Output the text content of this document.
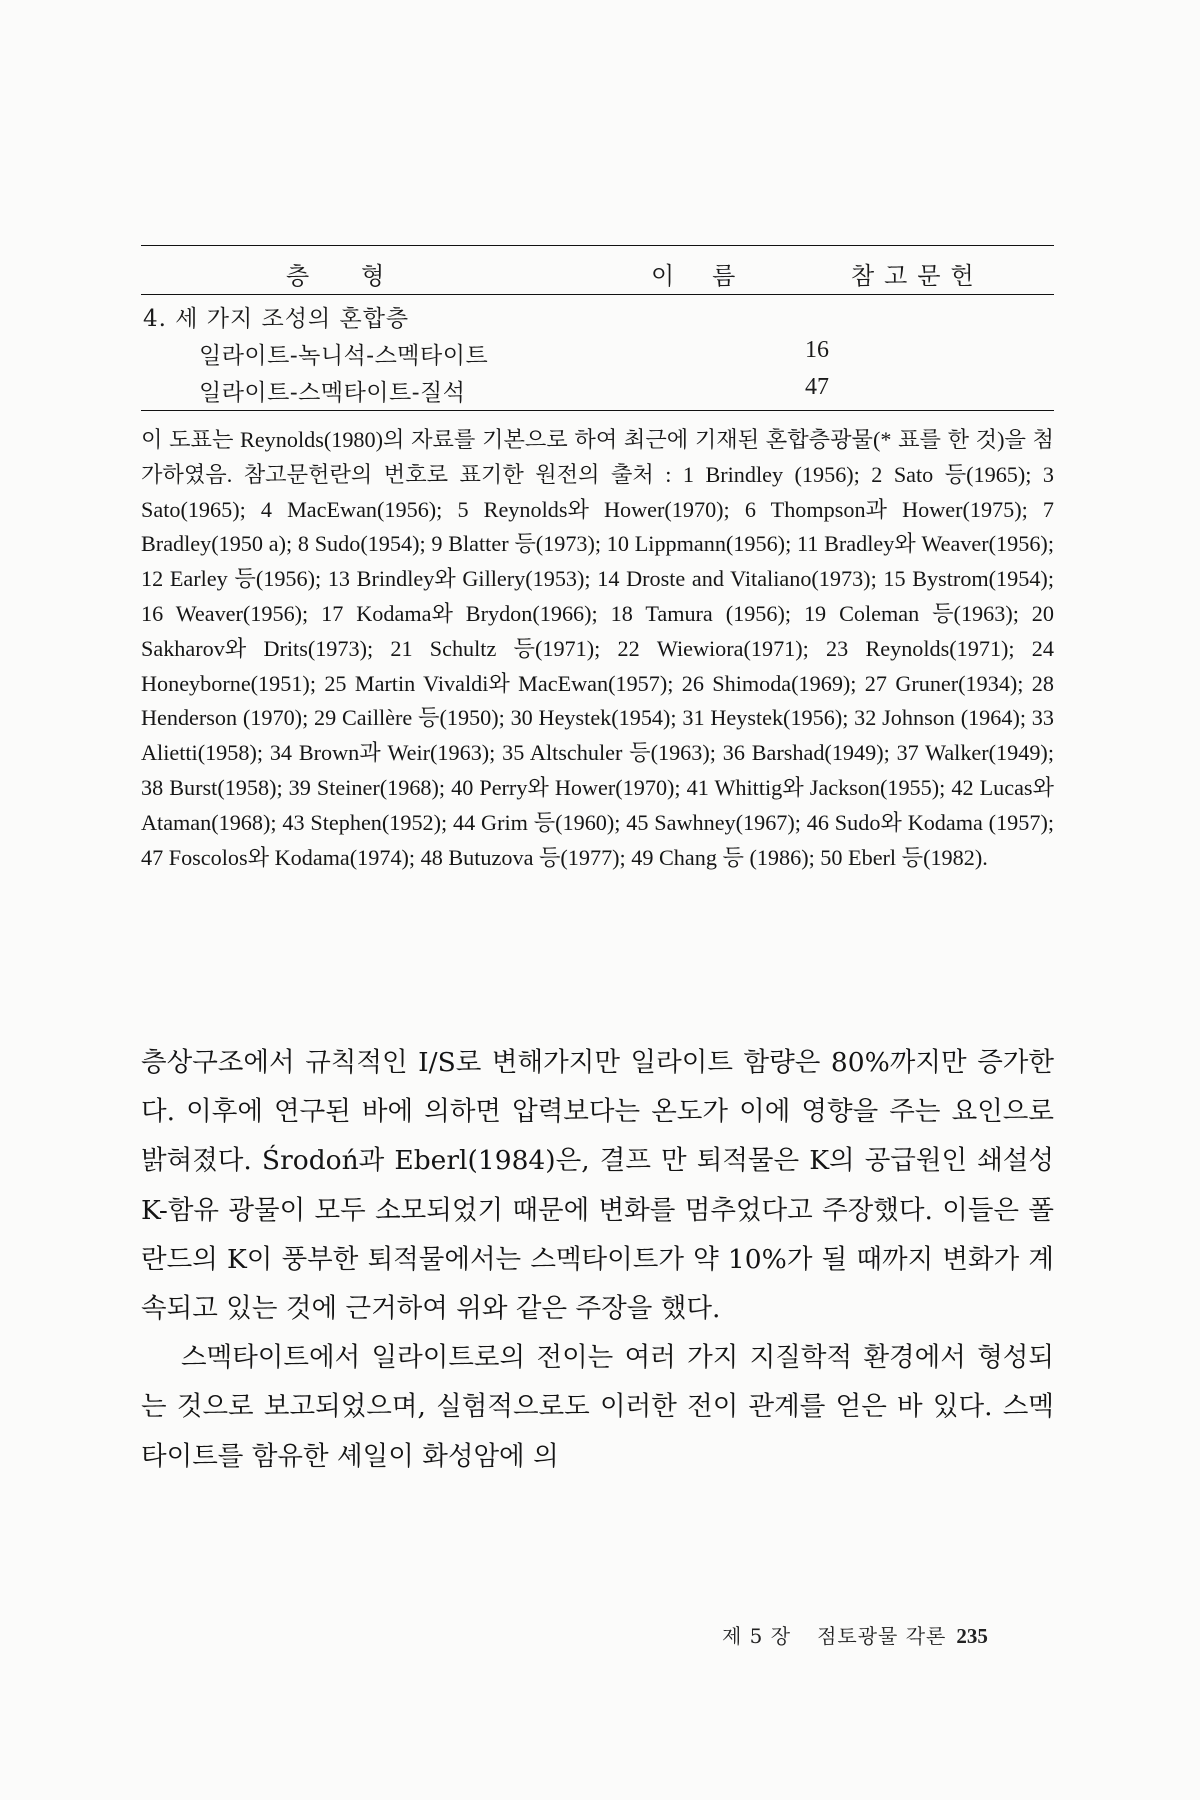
층형	이름	참고문헌
4. 세 가지 조성의 혼합층
일라이트-녹니석-스멕타이트	16
일라이트-스멕타이트-질석	47
이 도표는 Reynolds(1980)의 자료를 기본으로 하여 최근에 기재된 혼합층광물(* 표를 한 것)을 첨가하였음. 참고문헌란의 번호로 표기한 원전의 출처 : 1 Brindley (1956); 2 Sato 등(1965); 3 Sato(1965); 4 MacEwan(1956); 5 Reynolds와 Hower(1970); 6 Thompson과 Hower(1975); 7 Bradley(1950 a); 8 Sudo(1954); 9 Blatter 등(1973); 10 Lippmann(1956); 11 Bradley와 Weaver(1956); 12 Earley 등(1956); 13 Brindley와 Gillery(1953); 14 Droste and Vitaliano(1973); 15 Bystrom(1954); 16 Weaver(1956); 17 Kodama와 Brydon(1966); 18 Tamura (1956); 19 Coleman 등(1963); 20 Sakharov와 Drits(1973); 21 Schultz 등(1971); 22 Wiewiora(1971); 23 Reynolds(1971); 24 Honeyborne(1951); 25 Martin Vivaldi와 MacEwan(1957); 26 Shimoda(1969); 27 Gruner(1934); 28 Henderson (1970); 29 Caillère 등(1950); 30 Heystek(1954); 31 Heystek(1956); 32 Johnson (1964); 33 Alietti(1958); 34 Brown과 Weir(1963); 35 Altschuler 등(1963); 36 Barshad(1949); 37 Walker(1949); 38 Burst(1958); 39 Steiner(1968); 40 Perry와 Hower(1970); 41 Whittig와 Jackson(1955); 42 Lucas와 Ataman(1968); 43 Stephen(1952); 44 Grim 등(1960); 45 Sawhney(1967); 46 Sudo와 Kodama (1957); 47 Foscolos와 Kodama(1974); 48 Butuzova 등(1977); 49 Chang 등 (1986); 50 Eberl 등(1982).

층상구조에서 규칙적인 I/S로 변해가지만 일라이트 함량은 80%까지만 증가한다. 이후에 연구된 바에 의하면 압력보다는 온도가 이에 영향을 주는 요인으로 밝혀졌다. Środoń과 Eberl(1984)은, 결프 만 퇴적물은 K의 공급원인 쇄설성 K-함유 광물이 모두 소모되었기 때문에 변화를 멈추었다고 주장했다. 이들은 폴란드의 K이 풍부한 퇴적물에서는 스멕타이트가 약 10%가 될 때까지 변화가 계속되고 있는 것에 근거하여 위와 같은 주장을 했다.

스멕타이트에서 일라이트로의 전이는 여러 가지 지질학적 환경에서 형성되는 것으로 보고되었으며, 실험적으로도 이러한 전이 관계를 얻은 바 있다. 스멕타이트를 함유한 셰일이 화성암에 의

제 5 장 점토광물 각론 235
